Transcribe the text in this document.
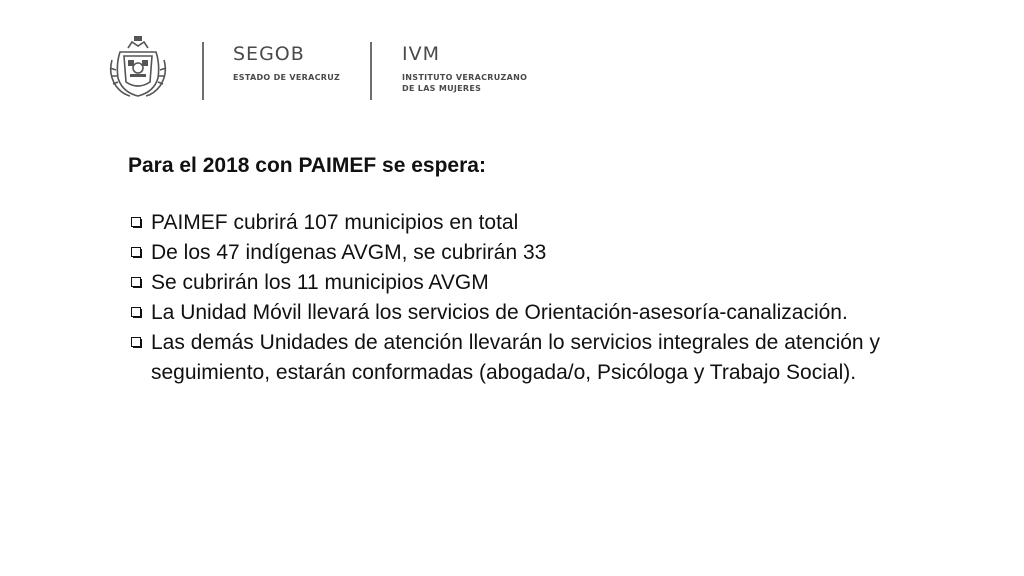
SEGOB
ESTADO DE VERACRUZ
IVM
INSTITUTO VERACRUZANO
DE LAS MUJERES
Para el 2018 con PAIMEF se espera:
PAIMEF cubrirá 107 municipios en total
De los 47 indígenas AVGM, se cubrirán 33
Se cubrirán los 11 municipios AVGM
La Unidad Móvil llevará los servicios de Orientación-asesoría-canalización.
Las demás Unidades de atención llevarán lo servicios integrales de atención y seguimiento, estarán conformadas (abogada/o, Psicóloga y Trabajo Social).
